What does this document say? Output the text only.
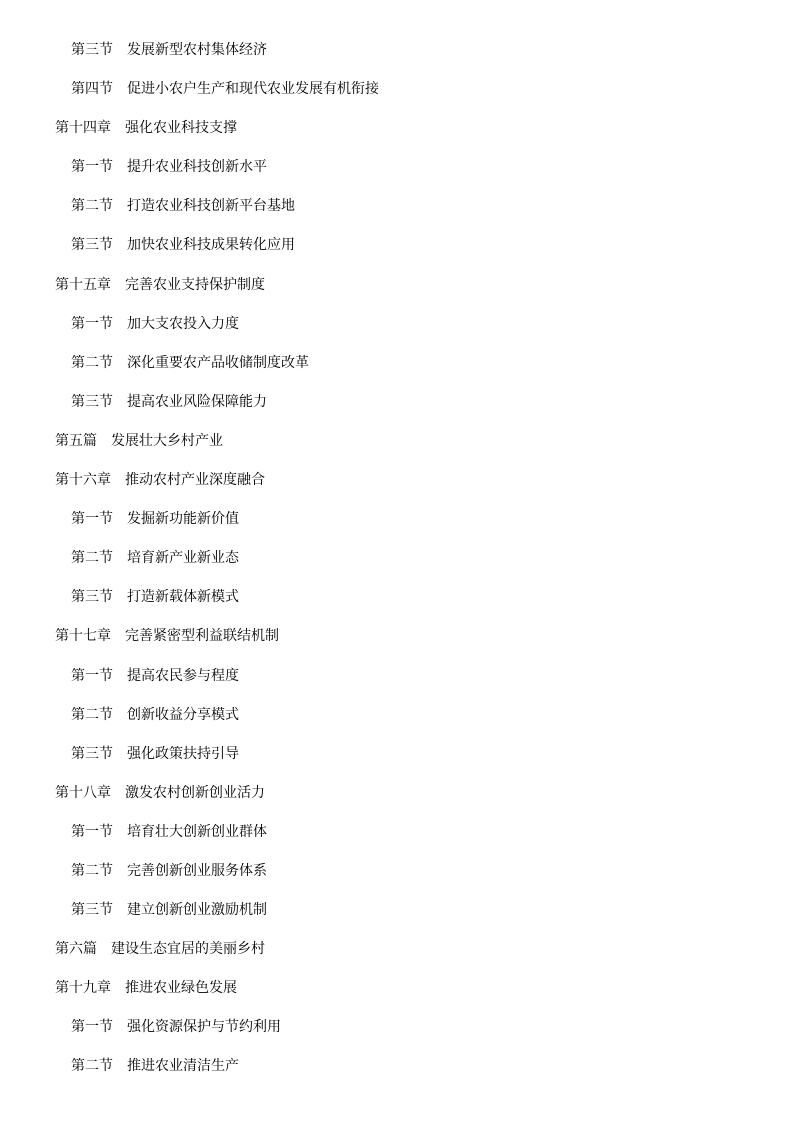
第三节 发展新型农村集体经济
第四节 促进小农户生产和现代农业发展有机衔接
第十四章 强化农业科技支撑
第一节 提升农业科技创新水平
第二节 打造农业科技创新平台基地
第三节 加快农业科技成果转化应用
第十五章 完善农业支持保护制度
第一节 加大支农投入力度
第二节 深化重要农产品收储制度改革
第三节 提高农业风险保障能力
第五篇 发展壮大乡村产业
第十六章 推动农村产业深度融合
第一节 发掘新功能新价值
第二节 培育新产业新业态
第三节 打造新载体新模式
第十七章 完善紧密型利益联结机制
第一节 提高农民参与程度
第二节 创新收益分享模式
第三节 强化政策扶持引导
第十八章 激发农村创新创业活力
第一节 培育壮大创新创业群体
第二节 完善创新创业服务体系
第三节 建立创新创业激励机制
第六篇 建设生态宜居的美丽乡村
第十九章 推进农业绿色发展
第一节 强化资源保护与节约利用
第二节 推进农业清洁生产
